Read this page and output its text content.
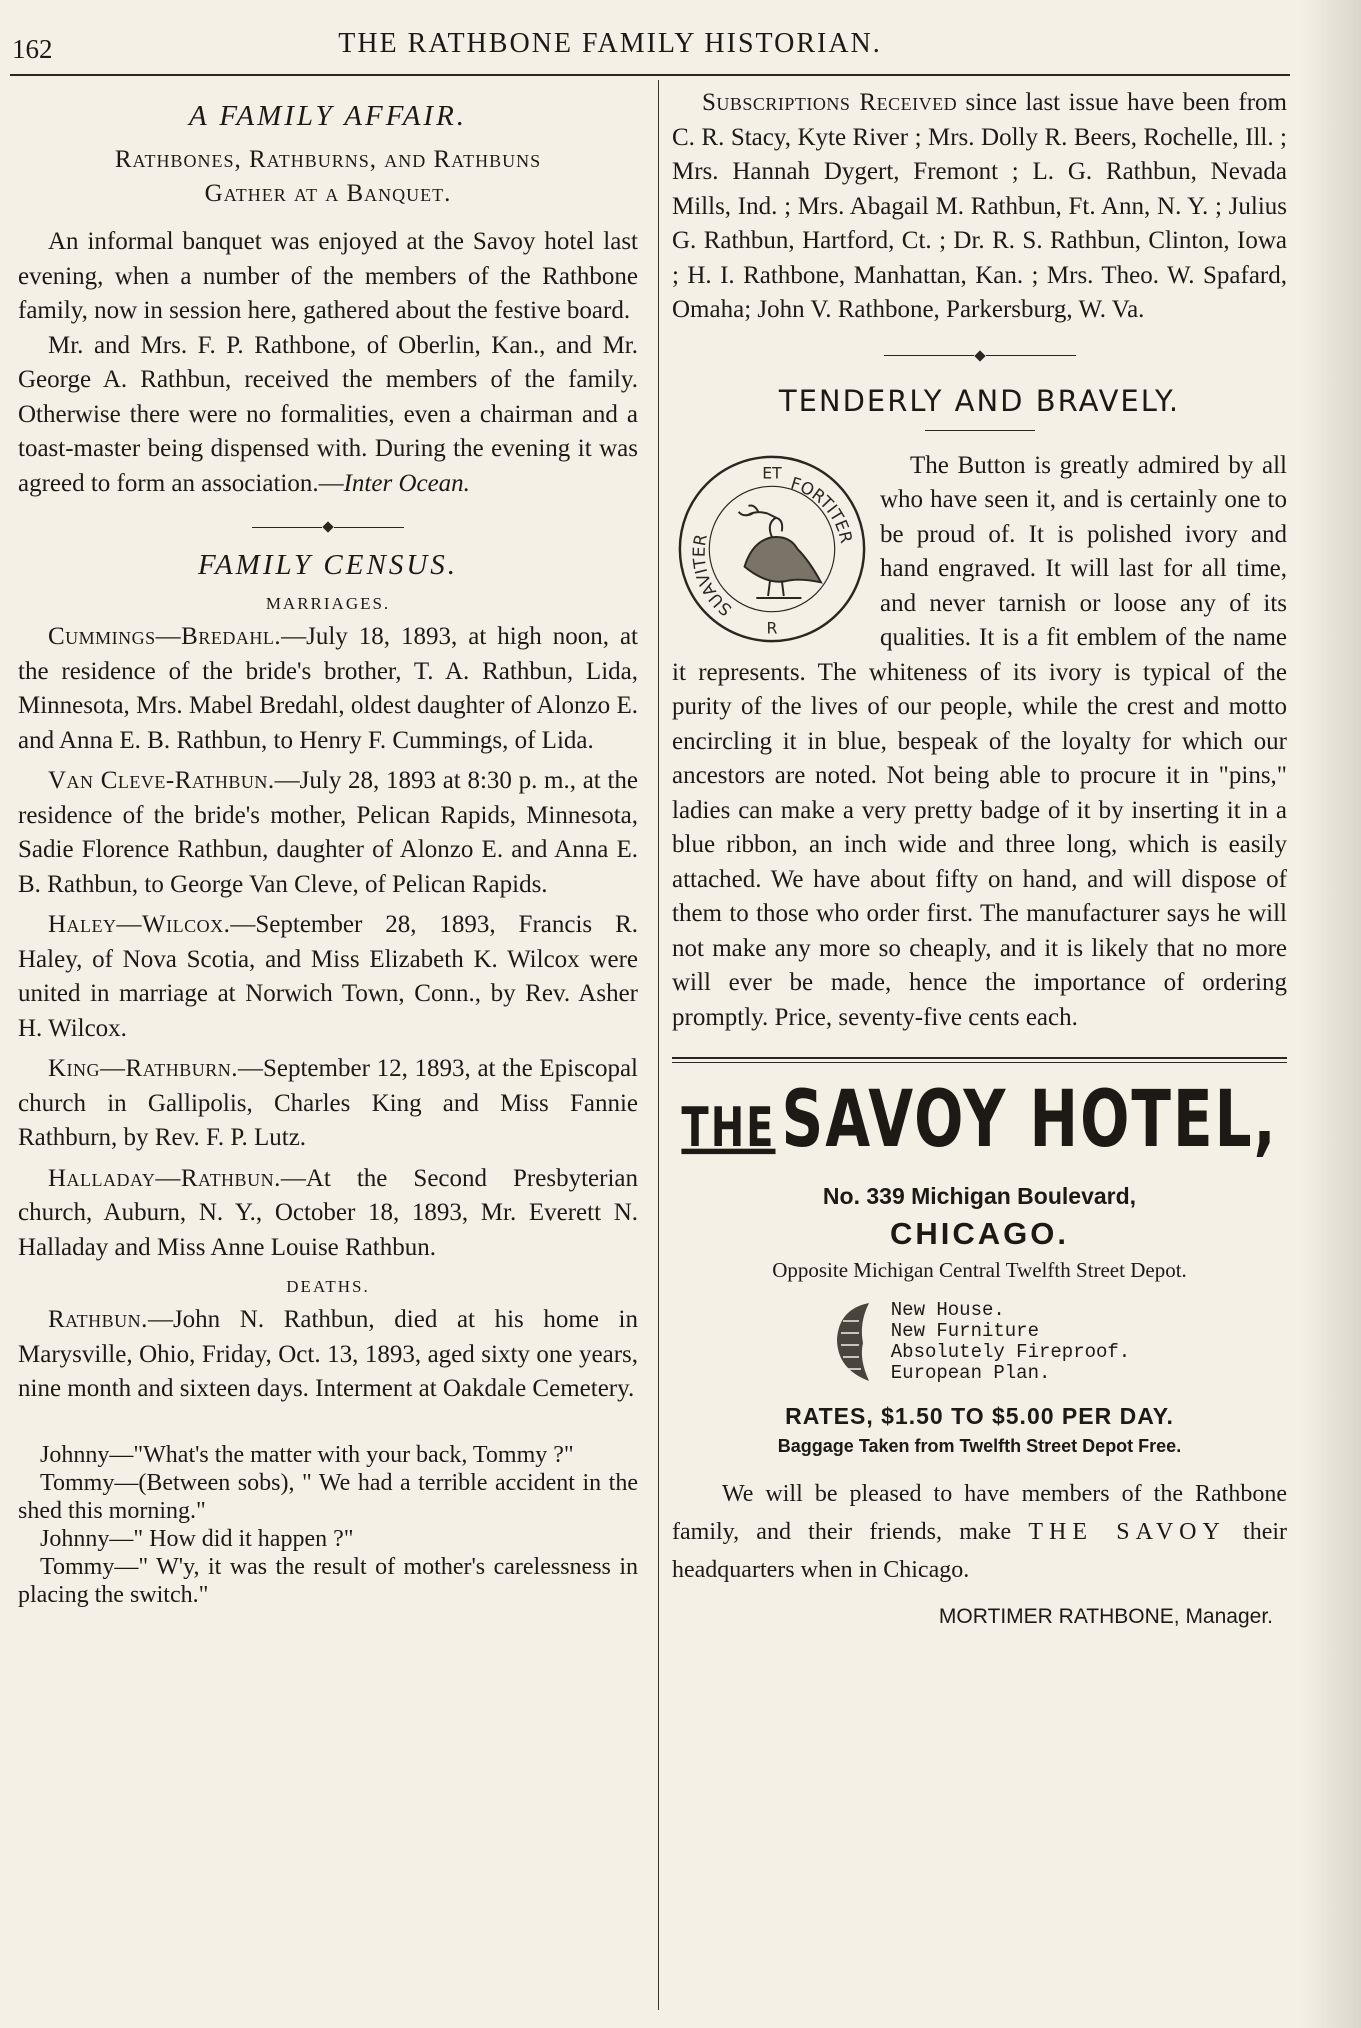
162	THE RATHBONE FAMILY HISTORIAN.
A FAMILY AFFAIR.
Rathbones, Rathburns, and Rathbuns
Gather at a Banquet.

An informal banquet was enjoyed at the Savoy hotel last evening, when a number of the members of the Rathbone family, now in session here, gathered about the festive board.

Mr. and Mrs. F. P. Rathbone, of Oberlin, Kan., and Mr. George A. Rathbun, received the members of the family. Otherwise there were no formalities, even a chairman and a toast-master being dispensed with. During the evening it was agreed to form an association.—Inter Ocean.

FAMILY CENSUS.
MARRIAGES.

Cummings—Bredahl.—July 18, 1893, at high noon, at the residence of the bride's brother, T. A. Rathbun, Lida, Minnesota, Mrs. Mabel Bredahl, oldest daughter of Alonzo E. and Anna E. B. Rathbun, to Henry F. Cummings, of Lida.

Van Cleve-Rathbun.—July 28, 1893 at 8:30 p. m., at the residence of the bride's mother, Pelican Rapids, Minnesota, Sadie Florence Rathbun, daughter of Alonzo E. and Anna E. B. Rathbun, to George Van Cleve, of Pelican Rapids.

Haley—Wilcox.—September 28, 1893, Francis R. Haley, of Nova Scotia, and Miss Elizabeth K. Wilcox were united in marriage at Norwich Town, Conn., by Rev. Asher H. Wilcox.

King—Rathburn.—September 12, 1893, at the Episcopal church in Gallipolis, Charles King and Miss Fannie Rathburn, by Rev. F. P. Lutz.

Halladay—Rathbun.—At the Second Presbyterian church, Auburn, N. Y., October 18, 1893, Mr. Everett N. Halladay and Miss Anne Louise Rathbun.

DEATHS.

Rathbun.—John N. Rathbun, died at his home in Marysville, Ohio, Friday, Oct. 13, 1893, aged sixty one years, nine month and sixteen days. Interment at Oakdale Cemetery.

Johnny—"What's the matter with your back, Tommy ?"

Tommy—(Between sobs), " We had a terrible accident in the shed this morning."

Johnny—" How did it happen ?"

Tommy—" W'y, it was the result of mother's carelessness in placing the switch."

Subscriptions Received since last issue have been from C. R. Stacy, Kyte River ; Mrs. Dolly R. Beers, Rochelle, Ill. ; Mrs. Hannah Dygert, Fremont ; L. G. Rathbun, Nevada Mills, Ind. ; Mrs. Abagail M. Rathbun, Ft. Ann, N. Y. ; Julius G. Rathbun, Hartford, Ct. ; Dr. R. S. Rathbun, Clinton, Iowa ; H. I. Rathbone, Manhattan, Kan. ; Mrs. Theo. W. Spafard, Omaha; John V. Rathbone, Parkersburg, W. Va.

TENDERLY AND BRAVELY.
ET
SUAVITER
FORTITER
R

The Button is greatly admired by all who have seen it, and is certainly one to be proud of. It is polished ivory and hand engraved. It will last for all time, and never tarnish or loose any of its qualities. It is a fit emblem of the name it represents. The whiteness of its ivory is typical of the purity of the lives of our people, while the crest and motto encircling it in blue, bespeak of the loyalty for which our ancestors are noted. Not being able to procure it in "pins," ladies can make a very pretty badge of it by inserting it in a blue ribbon, an inch wide and three long, which is easily attached. We have about fifty on hand, and will dispose of them to those who order first. The manufacturer says he will not make any more so cheaply, and it is likely that no more will ever be made, hence the importance of ordering promptly. Price, seventy-five cents each.

THE SAVOY HOTEL,
No. 339 Michigan Boulevard,
CHICAGO.
Opposite Michigan Central Twelfth Street Depot.
New House.
New Furniture
Absolutely Fireproof.
European Plan.
RATES, $1.50 TO $5.00 PER DAY.
Baggage Taken from Twelfth Street Depot Free.

We will be pleased to have members of the Rathbone family, and their friends, make THE SAVOY their headquarters when in Chicago.

MORTIMER RATHBONE, Manager.
